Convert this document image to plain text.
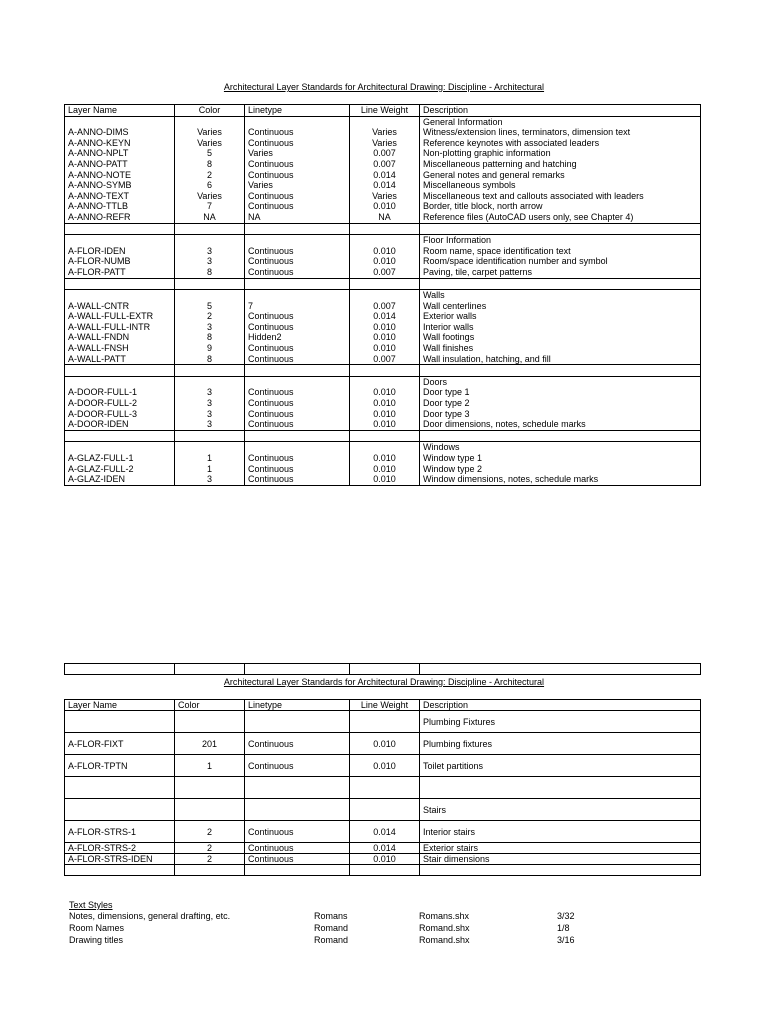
Architectural Layer Standards for Architectural Drawing: Discipline - Architectural
Layer Name	Color	Linetype	Line Weight	Description
				General Information
A-ANNO-DIMS	Varies	Continuous	Varies	Witness/extension lines, terminators, dimension text
A-ANNO-KEYN	Varies	Continuous	Varies	Reference keynotes with associated leaders
A-ANNO-NPLT	5	Varies	0.007	Non-plotting graphic information
A-ANNO-PATT	8	Continuous	0.007	Miscellaneous patterning and hatching
A-ANNO-NOTE	2	Continuous	0.014	General notes and general remarks
A-ANNO-SYMB	6	Varies	0.014	Miscellaneous symbols
A-ANNO-TEXT	Varies	Continuous	Varies	Miscellaneous text and callouts associated with leaders
A-ANNO-TTLB	7	Continuous	0.010	Border, title block, north arrow
A-ANNO-REFR	NA	NA	NA	Reference files (AutoCAD users only, see Chapter 4)

				Floor Information
A-FLOR-IDEN	3	Continuous	0.010	Room name, space identification text
A-FLOR-NUMB	3	Continuous	0.010	Room/space identification number and symbol
A-FLOR-PATT	8	Continuous	0.007	Paving, tile, carpet patterns

				Walls
A-WALL-CNTR	5	7	0.007	Wall centerlines
A-WALL-FULL-EXTR	2	Continuous	0.014	Exterior walls
A-WALL-FULL-INTR	3	Continuous	0.010	Interior walls
A-WALL-FNDN	8	Hidden2	0.010	Wall footings
A-WALL-FNSH	9	Continuous	0.010	Wall finishes
A-WALL-PATT	8	Continuous	0.007	Wall insulation, hatching, and fill

				Doors
A-DOOR-FULL-1	3	Continuous	0.010	Door type 1
A-DOOR-FULL-2	3	Continuous	0.010	Door type 2
A-DOOR-FULL-3	3	Continuous	0.010	Door type 3
A-DOOR-IDEN	3	Continuous	0.010	Door dimensions, notes, schedule marks

				Windows
A-GLAZ-FULL-1	1	Continuous	0.010	Window type 1
A-GLAZ-FULL-2	1	Continuous	0.010	Window type 2
A-GLAZ-IDEN	3	Continuous	0.010	Window dimensions, notes, schedule marks

Architectural Layer Standards for Architectural Drawing: Discipline - Architectural
Layer Name	Color	Linetype	Line Weight	Description
				Plumbing Fixtures
A-FLOR-FIXT	201	Continuous	0.010	Plumbing fixtures
A-FLOR-TPTN	1	Continuous	0.010	Toilet partitions

				Stairs
A-FLOR-STRS-1	2	Continuous	0.014	Interior stairs
A-FLOR-STRS-2	2	Continuous	0.014	Exterior stairs
A-FLOR-STRS-IDEN	2	Continuous	0.010	Stair dimensions

Text Styles
Notes, dimensions, general drafting, etc.	Romans	Romans.shx	3/32
Room Names	Romand	Romand.shx	1/8
Drawing titles	Romand	Romand.shx	3/16
